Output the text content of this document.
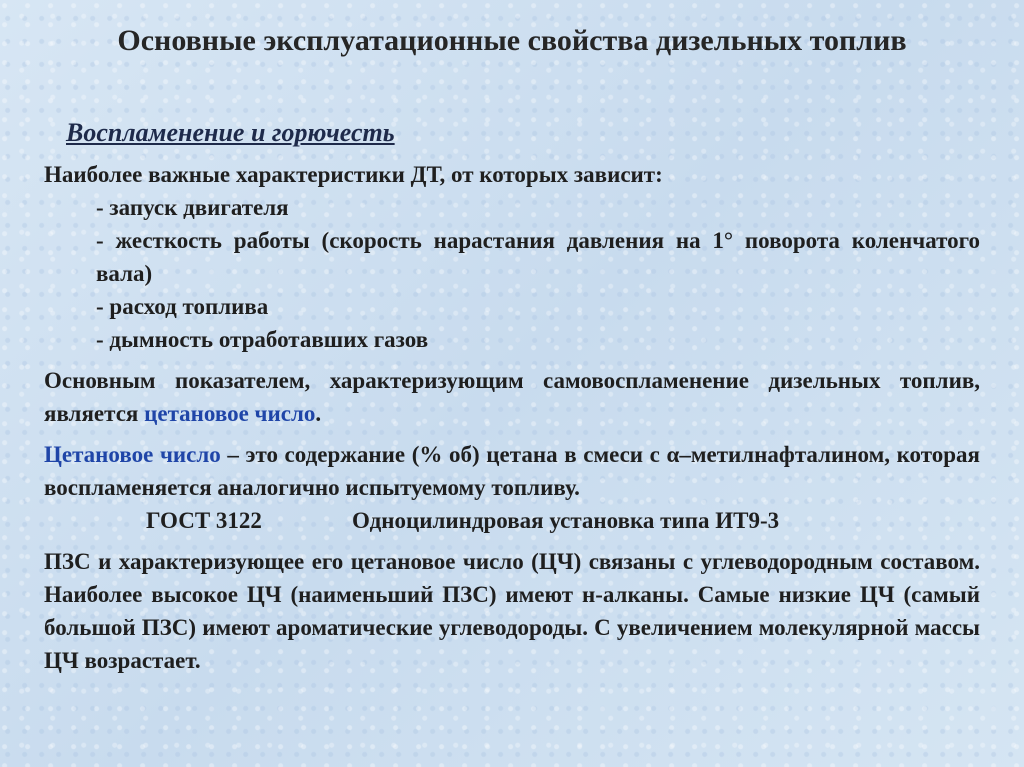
Основные эксплуатационные свойства дизельных топлив
Воспламенение и горючесть

Наиболее важные характеристики ДТ, от которых зависит:

- запуск двигателя

- жесткость работы (скорость нарастания давления на 1° поворота коленчатого вала)

- расход топлива

- дымность отработавших газов

Основным показателем, характеризующим самовоспламенение дизельных топлив, является цетановое число.

Цетановое число – это содержание (% об) цетана в смеси с α–метилнафталином, которая воспламеняется аналогично испытуемому топливу.

ГОСТ 3122	Одноцилиндровая установка типа ИТ9-3

ПЗС и характеризующее его цетановое число (ЦЧ) связаны с углеводородным составом. Наиболее высокое ЦЧ (наименьший ПЗС) имеют н-алканы. Самые низкие ЦЧ (самый большой ПЗС) имеют ароматические углеводороды. С увеличением молекулярной массы ЦЧ возрастает.
